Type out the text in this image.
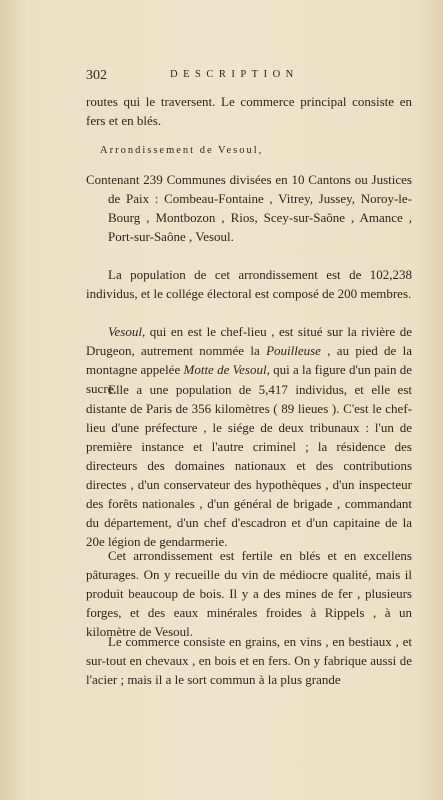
302	DESCRIPTION
routes qui le traversent. Le commerce principal consiste en fers et en blés.
Arrondissement de Vesoul,
Contenant 239 Communes divisées en 10 Cantons ou Justices de Paix : Combeau-Fontaine , Vitrey, Jussey, Noroy-le-Bourg , Montbozon , Rios, Scey-sur-Saône , Amance , Port-sur-Saône , Vesoul.
La population de cet arrondissement est de 102,238 individus, et le collége électoral est composé de 200 membres.
Vesoul, qui en est le chef-lieu , est situé sur la rivière de Drugeon, autrement nommée la Pouilleuse , au pied de la montagne appelée Motte de Vesoul, qui a la figure d'un pain de sucre.
Elle a une population de 5,417 individus, et elle est distante de Paris de 356 kilomètres ( 89 lieues ). C'est le chef-lieu d'une préfecture , le siége de deux tribunaux : l'un de première instance et l'autre criminel ; la résidence des directeurs des domaines nationaux et des contributions directes , d'un conservateur des hypothèques , d'un inspecteur des forêts nationales , d'un général de brigade , commandant du département, d'un chef d'escadron et d'un capitaine de la 20e légion de gendarmerie.
Cet arrondissement est fertile en blés et en excellens pâturages. On y recueille du vin de médiocre qualité, mais il produit beaucoup de bois. Il y a des mines de fer , plusieurs forges, et des eaux minérales froides à Rippels , à un kilomètre de Vesoul.
Le commerce consiste en grains, en vins , en bestiaux , et sur-tout en chevaux , en bois et en fers. On y fabrique aussi de l'acier ; mais il a le sort commun à la plus grande
